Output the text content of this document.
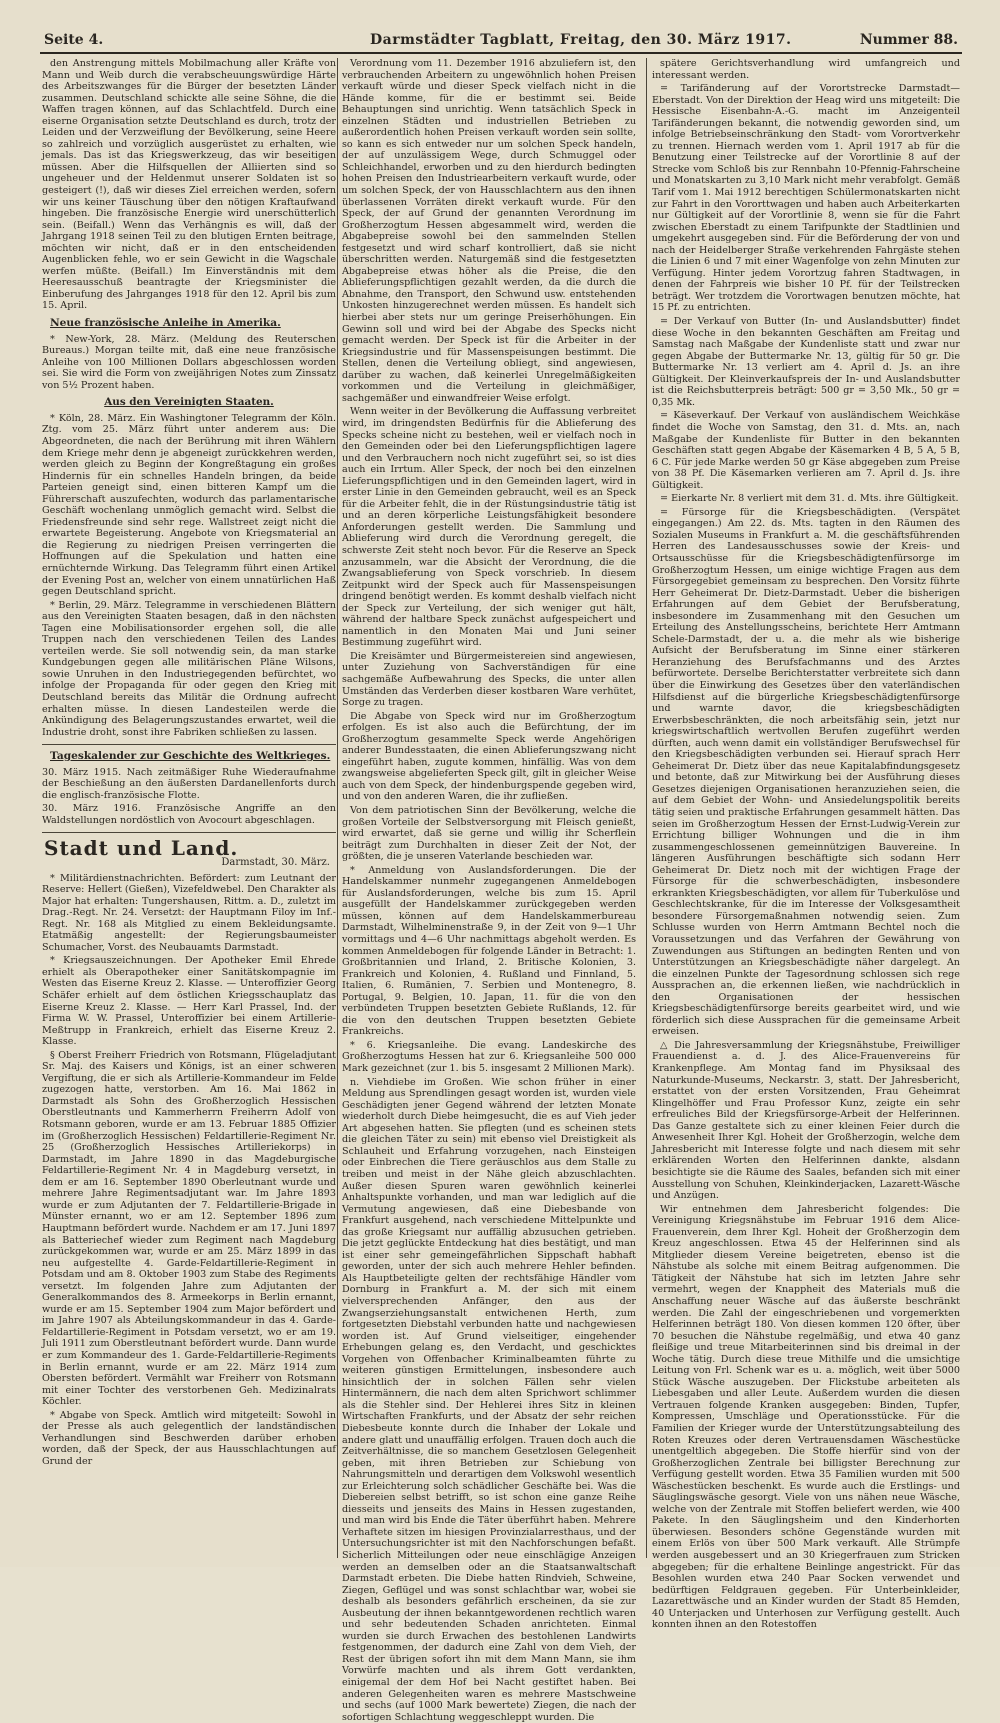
Seite 4.	Darmstädter Tagblatt, Freitag, den 30. März 1917.	Nummer 88.

den Anstrengung mittels Mobilmachung aller Kräfte von Mann und Weib durch die verabscheuungswürdige Härte des Arbeitszwanges für die Bürger der besetzten Länder zusammen. Deutschland schickte alle seine Söhne, die die Waffen tragen können, auf das Schlachtfeld. Durch eine eiserne Organisation setzte Deutschland es durch, trotz der Leiden und der Verzweiflung der Bevölkerung, seine Heere so zahlreich und vorzüglich ausgerüstet zu erhalten, wie jemals. Das ist das Kriegswerkzeug, das wir beseitigen müssen. Aber die Hilfsquellen der Alliierten sind so ungeheuer und der Heldenmut unserer Soldaten ist so gesteigert (!), daß wir dieses Ziel erreichen werden, sofern wir uns keiner Täuschung über den nötigen Kraftaufwand hingeben. Die französische Energie wird unerschütterlich sein. (Beifall.) Wenn das Verhängnis es will, daß der Jahrgang 1918 seinen Teil zu den blutigen Ernten beitrage, möchten wir nicht, daß er in den entscheidenden Augenblicken fehle, wo er sein Gewicht in die Wagschale werfen müßte. (Beifall.) Im Einverständnis mit dem Heeresausschuß beantragte der Kriegsminister die Einberufung des Jahrganges 1918 für den 12. April bis zum 15. April.

Neue französische Anleihe in Amerika.

* New-York, 28. März. (Meldung des Reuterschen Bureaus.) Morgan teilte mit, daß eine neue französische Anleihe von 100 Millionen Dollars abgeschlossen worden sei. Sie wird die Form von zweijährigen Notes zum Zinssatz von 5½ Prozent haben.

Aus den Vereinigten Staaten.

* Köln, 28. März. Ein Washingtoner Telegramm der Köln. Ztg. vom 25. März führt unter anderem aus: Die Abgeordneten, die nach der Berührung mit ihren Wählern dem Kriege mehr denn je abgeneigt zurückkehren werden, werden gleich zu Beginn der Kongreßtagung ein großes Hindernis für ein schnelles Handeln bringen, da beide Parteien geneigt sind, einen bitteren Kampf um die Führerschaft auszufechten, wodurch das parlamentarische Geschäft wochenlang unmöglich gemacht wird. Selbst die Friedensfreunde sind sehr rege. Wallstreet zeigt nicht die erwartete Begeisterung. Angebote von Kriegsmaterial an die Regierung zu niedrigen Preisen verringerten die Hoffnungen auf die Spekulation und hatten eine ernüchternde Wirkung. Das Telegramm führt einen Artikel der Evening Post an, welcher von einem unnatürlichen Haß gegen Deutschland spricht.

* Berlin, 29. März. Telegramme in verschiedenen Blättern aus den Vereinigten Staaten besagen, daß in den nächsten Tagen eine Mobilisationsorder ergehen soll, die alle Truppen nach den verschiedenen Teilen des Landes verteilen werde. Sie soll notwendig sein, da man starke Kundgebungen gegen alle militärischen Pläne Wilsons, sowie Unruhen in den Industriegegenden befürchtet, wo infolge der Propaganda für oder gegen den Krieg mit Deutschland bereits das Militär die Ordnung aufrecht erhalten müsse. In diesen Landesteilen werde die Ankündigung des Belagerungszustandes erwartet, weil die Industrie droht, sonst ihre Fabriken schließen zu lassen.

Tageskalender zur Geschichte des Weltkrieges.

30. März 1915. Nach zeitmäßiger Ruhe Wiederaufnahme der Beschießung an den äußersten Dardanellenforts durch die englisch-französische Flotte.

30. März 1916. Französische Angriffe an den Waldstellungen nordöstlich von Avocourt abgeschlagen.

Stadt und Land.

Darmstadt, 30. März.

* Militärdienstnachrichten. Befördert: zum Leutnant der Reserve: Hellert (Gießen), Vizefeldwebel. Den Charakter als Major hat erhalten: Tungershausen, Rittm. a. D., zuletzt im Drag.-Regt. Nr. 24. Versetzt: der Hauptmann Filoy im Inf.-Regt. Nr. 168 als Mitglied zu einem Bekleidungsamte. Etatmäßig angestellt: der Regierungsbaumeister Schumacher, Vorst. des Neubauamts Darmstadt.

* Kriegsauszeichnungen. Der Apotheker Emil Ehrede erhielt als Oberapotheker einer Sanitätskompagnie im Westen das Eiserne Kreuz 2. Klasse. — Unteroffizier Georg Schäfer erhielt auf dem östlichen Kriegsschauplatz das Eiserne Kreuz 2. Klasse. — Herr Karl Prassel, Ind. der Firma W. W. Prassel, Unteroffizier bei einem Artillerie-Meßtrupp in Frankreich, erhielt das Eiserne Kreuz 2. Klasse.

§ Oberst Freiherr Friedrich von Rotsmann, Flügeladjutant Sr. Maj. des Kaisers und Königs, ist an einer schweren Vergiftung, die er sich als Artillerie-Kommandeur im Felde zugezogen hatte, verstorben. Am 16. Mai 1862 in Darmstadt als Sohn des Großherzoglich Hessischen Oberstleutnants und Kammerherrn Freiherrn Adolf von Rotsmann geboren, wurde er am 13. Februar 1885 Offizier im (Großherzoglich Hessischen) Feldartillerie-Regiment Nr. 25 (Großherzoglich Hessisches Artilleriekorps) in Darmstadt, im Jahre 1890 in das Magdeburgische Feldartillerie-Regiment Nr. 4 in Magdeburg versetzt, in dem er am 16. September 1890 Oberleutnant wurde und mehrere Jahre Regimentsadjutant war. Im Jahre 1893 wurde er zum Adjutanten der 7. Feldartillerie-Brigade in Münster ernannt, wo er am 12. September 1896 zum Hauptmann befördert wurde. Nachdem er am 17. Juni 1897 als Batteriechef wieder zum Regiment nach Magdeburg zurückgekommen war, wurde er am 25. März 1899 in das neu aufgestellte 4. Garde-Feldartillerie-Regiment in Potsdam und am 8. Oktober 1903 zum Stabe des Regiments versetzt. Im folgenden Jahre zum Adjutanten der Generalkommandos des 8. Armeekorps in Berlin ernannt, wurde er am 15. September 1904 zum Major befördert und im Jahre 1907 als Abteilungskommandeur in das 4. Garde-Feldartillerie-Regiment in Potsdam versetzt, wo er am 19. Juli 1911 zum Oberstleutnant befördert wurde. Dann wurde er zum Kommandeur des 1. Garde-Feldartillerie-Regiments in Berlin ernannt, wurde er am 22. März 1914 zum Obersten befördert. Vermählt war Freiherr von Rotsmann mit einer Tochter des verstorbenen Geh. Medizinalrats Köchler.

* Abgabe von Speck. Amtlich wird mitgeteilt: Sowohl in der Presse als auch gelegentlich der landständischen Verhandlungen sind Beschwerden darüber erhoben worden, daß der Speck, der aus Hausschlachtungen auf Grund der

Verordnung vom 11. Dezember 1916 abzuliefern ist, den verbrauchenden Arbeitern zu ungewöhnlich hohen Preisen verkauft würde und dieser Speck vielfach nicht in die Hände komme, für die er bestimmt sei. Beide Behauptungen sind unrichtig. Wenn tatsächlich Speck in einzelnen Städten und industriellen Betrieben zu außerordentlich hohen Preisen verkauft worden sein sollte, so kann es sich entweder nur um solchen Speck handeln, der auf unzulässigem Wege, durch Schmuggel oder Schleichhandel, erworben und zu den hierdurch bedingten hohen Preisen den Industriearbeitern verkauft wurde, oder um solchen Speck, der von Hausschlachtern aus den ihnen überlassenen Vorräten direkt verkauft wurde. Für den Speck, der auf Grund der genannten Verordnung im Großherzogtum Hessen abgesammelt wird, werden die Abgabepreise sowohl bei den sammelnden Stellen festgesetzt und wird scharf kontrolliert, daß sie nicht überschritten werden. Naturgemäß sind die festgesetzten Abgabepreise etwas höher als die Preise, die den Ablieferungspflichtigen gezahlt werden, da die durch die Abnahme, den Transport, den Schwund usw. entstehenden Unkosten hinzugerechnet werden müssen. Es handelt sich hierbei aber stets nur um geringe Preiserhöhungen. Ein Gewinn soll und wird bei der Abgabe des Specks nicht gemacht werden. Der Speck ist für die Arbeiter in der Kriegsindustrie und für Massenspeisungen bestimmt. Die Stellen, denen die Verteilung obliegt, sind angewiesen, darüber zu wachen, daß keinerlei Unregelmäßigkeiten vorkommen und die Verteilung in gleichmäßiger, sachgemäßer und einwandfreier Weise erfolgt.

Wenn weiter in der Bevölkerung die Auffassung verbreitet wird, im dringendsten Bedürfnis für die Ablieferung des Specks scheine nicht zu bestehen, weil er vielfach noch in den Gemeinden oder bei den Lieferungspflichtigen lagere und den Verbrauchern noch nicht zugeführt sei, so ist dies auch ein Irrtum. Aller Speck, der noch bei den einzelnen Lieferungspflichtigen und in den Gemeinden lagert, wird in erster Linie in den Gemeinden gebraucht, weil es an Speck für die Arbeiter fehlt, die in der Rüstungsindustrie tätig ist und an deren körperliche Leistungsfähigkeit besondere Anforderungen gestellt werden. Die Sammlung und Ablieferung wird durch die Verordnung geregelt, die schwerste Zeit steht noch bevor. Für die Reserve an Speck anzusammeln, war die Absicht der Verordnung, die die Zwangsablieferung von Speck vorschrieb. In diesem Zeitpunkt wird der Speck auch für Massenspeisungen dringend benötigt werden. Es kommt deshalb vielfach nicht der Speck zur Verteilung, der sich weniger gut hält, während der haltbare Speck zunächst aufgespeichert und namentlich in den Monaten Mai und Juni seiner Bestimmung zugeführt wird.

Die Kreisämter und Bürgermeistereien sind angewiesen, unter Zuziehung von Sachverständigen für eine sachgemäße Aufbewahrung des Specks, die unter allen Umständen das Verderben dieser kostbaren Ware verhütet, Sorge zu tragen.

Die Abgabe von Speck wird nur im Großherzogtum erfolgen. Es ist also auch die Befürchtung, der im Großherzogtum gesammelte Speck werde Angehörigen anderer Bundesstaaten, die einen Ablieferungszwang nicht eingeführt haben, zugute kommen, hinfällig. Was von dem zwangsweise abgelieferten Speck gilt, gilt in gleicher Weise auch von dem Speck, der hindenburgspende gegeben wird, und von den anderen Waren, die ihr zufließen.

Von dem patriotischen Sinn der Bevölkerung, welche die großen Vorteile der Selbstversorgung mit Fleisch genießt, wird erwartet, daß sie gerne und willig ihr Scherflein beiträgt zum Durchhalten in dieser Zeit der Not, der größten, die je unseren Vaterlande beschieden war.

* Anmeldung von Auslandsforderungen. Die der Handelskammer nunmehr zugegangenen Anmeldebogen für Auslandsforderungen, welche bis zum 15. April ausgefüllt der Handelskammer zurückgegeben werden müssen, können auf dem Handelskammerbureau Darmstadt, Wilhelminenstraße 9, in der Zeit von 9—1 Uhr vormittags und 4—6 Uhr nachmittags abgeholt werden. Es kommen Anmeldebogen für folgende Länder in Betracht: 1. Großbritannien und Irland, 2. Britische Kolonien, 3. Frankreich und Kolonien, 4. Rußland und Finnland, 5. Italien, 6. Rumänien, 7. Serbien und Montenegro, 8. Portugal, 9. Belgien, 10. Japan, 11. für die von den verbündeten Truppen besetzten Gebiete Rußlands, 12. für die von den deutschen Truppen besetzten Gebiete Frankreichs.

* 6. Kriegsanleihe. Die evang. Landeskirche des Großherzogtums Hessen hat zur 6. Kriegsanleihe 500 000 Mark gezeichnet (zur 1. bis 5. insgesamt 2 Millionen Mark).

n. Viehdiebe im Großen. Wie schon früher in einer Meldung aus Sprendlingen gesagt worden ist, wurden viele Geschädigten jener Gegend während der letzten Monate wiederholt durch Diebe heimgesucht, die es auf Vieh jeder Art abgesehen hatten. Sie pflegten (und es scheinen stets die gleichen Täter zu sein) mit ebenso viel Dreistigkeit als Schlauheit und Erfahrung vorzugehen, nach Einsteigen oder Einbrechen die Tiere geräuschlos aus dem Stalle zu treiben und meist in der Nähe gleich abzuschlachten. Außer diesen Spuren waren gewöhnlich keinerlei Anhaltspunkte vorhanden, und man war lediglich auf die Vermutung angewiesen, daß eine Diebesbande von Frankfurt ausgehend, nach verschiedene Mittelpunkte und das große Kriegsamt nur auffällig abzusuchen getrieben. Die jetzt geglückte Entdeckung hat dies bestätigt, und man ist einer sehr gemeingefährlichen Sippschaft habhaft geworden, unter der sich auch mehrere Hehler befinden. Als Hauptbeteiligte gelten der rechtsfähige Händler vom Dornburg in Frankfurt a. M. der sich mit einem vielversprechenden Anfänger, den aus der Zwangserziehungsanstalt entwichenen Herth, zum fortgesetzten Diebstahl verbunden hatte und nachgewiesen worden ist. Auf Grund vielseitiger, eingehender Erhebungen gelang es, den Verdacht, und geschicktes Vorgehen von Offenbacher Kriminalbeamten führte zu weiteren günstigen Ermittelungen, insbesondere auch hinsichtlich der in solchen Fällen sehr vielen Hintermännern, die nach dem alten Sprichwort schlimmer als die Stehler sind. Der Hehlerei ihres Sitz in kleinen Wirtschaften Frankfurts, und der Absatz der sehr reichen Diebesbeute konnte durch die Inhaber der Lokale und andere glatt und unauffällig erfolgen. Trauen doch auch die Zeitverhältnisse, die so manchem Gesetzlosen Gelegenheit geben, mit ihren Betrieben zur Schiebung von Nahrungsmitteln und derartigen dem Volkswohl wesentlich zur Erleichterung solch schädlicher Geschäfte bei. Was die Diebereien selbst betrifft, so ist schon eine ganze Reihe diesseits und jenseits des Mains in Hessen zugestanden, und man wird bis Ende die Täter überführt haben. Mehrere Verhaftete sitzen im hiesigen Provinzialarresthaus, und der Untersuchungsrichter ist mit den Nachforschungen befaßt. Sicherlich Mitteilungen oder neue einschlägige Anzeigen werden an demselben oder an die Staatsanwaltschaft Darmstadt erbeten. Die Diebe hatten Rindvieh, Schweine, Ziegen, Geflügel und was sonst schlachtbar war, wobei sie deshalb als besonders gefährlich erscheinen, da sie zur Ausbeutung der ihnen bekanntgewordenen rechtlich waren und sehr bedeutenden Schaden anrichteten. Einmal wurden sie durch Erwachen des bestohlenen Landwirts festgenommen, der dadurch eine Zahl von dem Vieh, der Rest der übrigen sofort ihn mit dem Mann Mann, sie ihm Vorwürfe machten und als ihrem Gott verdankten, einigemal der dem Hof bei Nacht gestiftet haben. Bei anderen Gelegenheiten waren es mehrere Mastschweine und sechs (auf 1000 Mark bewertete) Ziegen, die nach der sofortigen Schlachtung weggeschleppt wurden. Die

spätere Gerichtsverhandlung wird umfangreich und interessant werden.

= Tarifänderung auf der Vorortstrecke Darmstadt—Eberstadt. Von der Direktion der Heag wird uns mitgeteilt: Die Hessische Eisenbahn-A.-G. macht im Anzeigenteil Tarifänderungen bekannt, die notwendig geworden sind, um infolge Betriebseinschränkung den Stadt- vom Vorortverkehr zu trennen. Hiernach werden vom 1. April 1917 ab für die Benutzung einer Teilstrecke auf der Vorortlinie 8 auf der Strecke vom Schloß bis zur Rennbahn 10-Pfennig-Fahrscheine und Monatskarten zu 3,10 Mark nicht mehr verabfolgt. Gemäß Tarif vom 1. Mai 1912 berechtigen Schülermonatskarten nicht zur Fahrt in den Vororttwagen und haben auch Arbeiterkarten nur Gültigkeit auf der Vorortlinie 8, wenn sie für die Fahrt zwischen Eberstadt zu einem Tarifpunkte der Stadtlinien und umgekehrt ausgegeben sind. Für die Beförderung der von und nach der Heidelberger Straße verkehrenden Fahrgäste stehen die Linien 6 und 7 mit einer Wagenfolge von zehn Minuten zur Verfügung. Hinter jedem Vorortzug fahren Stadtwagen, in denen der Fahrpreis wie bisher 10 Pf. für der Teilstrecken beträgt. Wer trotzdem die Vorortwagen benutzen möchte, hat 15 Pf. zu entrichten.

= Der Verkauf von Butter (In- und Auslandsbutter) findet diese Woche in den bekannten Geschäften am Freitag und Samstag nach Maßgabe der Kundenliste statt und zwar nur gegen Abgabe der Buttermarke Nr. 13, gültig für 50 gr. Die Buttermarke Nr. 13 verliert am 4. April d. Js. an ihre Gültigkeit. Der Kleinverkaufspreis der In- und Auslandsbutter ist die Reichsbutterpreis beträgt: 500 gr = 3,50 Mk., 50 gr = 0,35 Mk.

= Käseverkauf. Der Verkauf von ausländischem Weichkäse findet die Woche von Samstag, den 31. d. Mts. an, nach Maßgabe der Kundenliste für Butter in den bekannten Geschäften statt gegen Abgabe der Käsemarken 4 B, 5 A, 5 B, 6 C. Für jede Marke werden 50 gr Käse abgegeben zum Preise von 38 Pf. Die Käsemarken verlieren am 7. April d. Js. ihre Gültigkeit.

= Eierkarte Nr. 8 verliert mit dem 31. d. Mts. ihre Gültigkeit.

= Fürsorge für die Kriegsbeschädigten. (Verspätet eingegangen.) Am 22. ds. Mts. tagten in den Räumen des Sozialen Museums in Frankfurt a. M. die geschäftsführenden Herren des Landesausschusses sowie der Kreis- und Ortsausschüsse für die Kriegsbeschädigtenfürsorge im Großherzogtum Hessen, um einige wichtige Fragen aus dem Fürsorgegebiet gemeinsam zu besprechen. Den Vorsitz führte Herr Geheimerat Dr. Dietz-Darmstadt. Ueber die bisherigen Erfahrungen auf dem Gebiet der Berufsberatung, insbesondere im Zusammenhang mit den Gesuchen um Erteilung des Anstellungsscheins, berichtete Herr Amtmann Schele-Darmstadt, der u. a. die mehr als wie bisherige Aufsicht der Berufsberatung im Sinne einer stärkeren Heranziehung des Berufsfachmanns und des Arztes befürwortete. Derselbe Berichterstatter verbreitete sich dann über die Einwirkung des Gesetzes über den vaterländischen Hilfsdienst auf die bürgerliche Kriegsbeschädigtenfürsorge und warnte davor, die kriegsbeschädigten Erwerbsbeschränkten, die noch arbeitsfähig sein, jetzt nur kriegswirtschaftlich wertvollen Berufen zugeführt werden dürften, auch wenn damit ein vollständiger Berufswechsel für den Kriegsbeschädigten verbunden sei. Hierauf sprach Herr Geheimerat Dr. Dietz über das neue Kapitalabfindungsgesetz und betonte, daß zur Mitwirkung bei der Ausführung dieses Gesetzes diejenigen Organisationen heranzuziehen seien, die auf dem Gebiet der Wohn- und Ansiedelungspolitik bereits tätig seien und praktische Erfahrungen gesammelt hätten. Das seien im Großherzogtum Hessen der Ernst-Ludwig-Verein zur Errichtung billiger Wohnungen und die in ihm zusammengeschlossenen gemeinnützigen Bauvereine. In längeren Ausführungen beschäftigte sich sodann Herr Geheimerat Dr. Dietz noch mit der wichtigen Frage der Fürsorge für die schwerbeschädigten, insbesondere erkrankten Kriegsbeschädigten, vor allem für Tuberkulöse und Geschlechtskranke, für die im Interesse der Volksgesamtheit besondere Fürsorgemaßnahmen notwendig seien. Zum Schlusse wurden von Herrn Amtmann Bechtel noch die Voraussetzungen und das Verfahren der Gewährung von Zuwendungen aus Stiftungen an bedingten Renten und von Unterstützungen an Kriegsbeschädigte näher dargelegt. An die einzelnen Punkte der Tagesordnung schlossen sich rege Aussprachen an, die erkennen ließen, wie nachdrücklich in den Organisationen der hessischen Kriegsbeschädigtenfürsorge bereits gearbeitet wird, und wie förderlich sich diese Aussprachen für die gemeinsame Arbeit erweisen.

△ Die Jahresversammlung der Kriegsnähstube, Freiwilliger Frauendienst a. d. J. des Alice-Frauenvereins für Krankenpflege. Am Montag fand im Physiksaal des Naturkunde-Museums, Neckarstr. 3, statt. Der Jahresbericht, erstattet von der ersten Vorsitzenden, Frau Geheimrat Klingelhöffer und Frau Professor Kunz, zeigte ein sehr erfreuliches Bild der Kriegsfürsorge-Arbeit der Helferinnen. Das Ganze gestaltete sich zu einer kleinen Feier durch die Anwesenheit Ihrer Kgl. Hoheit der Großherzogin, welche dem Jahresbericht mit Interesse folgte und nach diesem mit sehr erklärenden Worten den Helferinnen dankte, alsdann besichtigte sie die Räume des Saales, befanden sich mit einer Ausstellung von Schuhen, Kleinkinderjacken, Lazarett-Wäsche und Anzügen.

Wir entnehmen dem Jahresbericht folgendes: Die Vereinigung Kriegsnähstube im Februar 1916 dem Alice-Frauenverein, dem Ihrer Kgl. Hoheit der Großherzogin dem Kreuz angeschlossen. Etwa 45 der Helferinnen sind als Mitglieder diesem Vereine beigetreten, ebenso ist die Nähstube als solche mit einem Beitrag aufgenommen. Die Tätigkeit der Nähstube hat sich im letzten Jahre sehr vermehrt, wegen der Knappheit des Materials muß die Anschaffung neuer Wäsche auf das äußerste beschränkt werden. Die Zahl der eingeschriebenen und vorgemerkten Helferinnen beträgt 180. Von diesen kommen 120 öfter, über 70 besuchen die Nähstube regelmäßig, und etwa 40 ganz fleißige und treue Mitarbeiterinnen sind bis dreimal in der Woche tätig. Durch diese treue Mithilfe und die umsichtige Leitung von Frl. Schenk war es u. a. möglich, weit über 5000 Stück Wäsche auszugeben. Der Flickstube arbeiteten als Liebesgaben und aller Leute. Außerdem wurden die diesen Vertrauen folgende Kranken ausgegeben: Binden, Tupfer, Kompressen, Umschläge und Operationsstücke. Für die Familien der Krieger wurde der Unterstützungsabteilung des Roten Kreuzes oder deren Vertrauensdamen Wäschestücke unentgeltlich abgegeben. Die Stoffe hierfür sind von der Großherzoglichen Zentrale bei billigster Berechnung zur Verfügung gestellt worden. Etwa 35 Familien wurden mit 500 Wäschestücken beschenkt. Es wurde auch die Erstlings- und Säuglingswäsche gesorgt. Viele von uns nähen neue Wäsche, welche von der Zentrale mit Stoffen beliefert werden, wie 400 Pakete. In den Säuglingsheim und den Kinderhorten überwiesen. Besonders schöne Gegenstände wurden mit einem Erlös von über 500 Mark verkauft. Alle Strümpfe werden ausgebessert und an 30 Kriegerfrauen zum Stricken abgegeben; für die erhaltene Beinlinge angestrickt. Für das Besohlen wurden etwa 240 Paar Socken verwendet und bedürftigen Feldgrauen gegeben. Für Unterbeinkleider, Lazarettwäsche und an Kinder wurden der Stadt 85 Hemden, 40 Unterjacken und Unterhosen zur Verfügung gestellt. Auch konnten ihnen an den Rotestoffen
